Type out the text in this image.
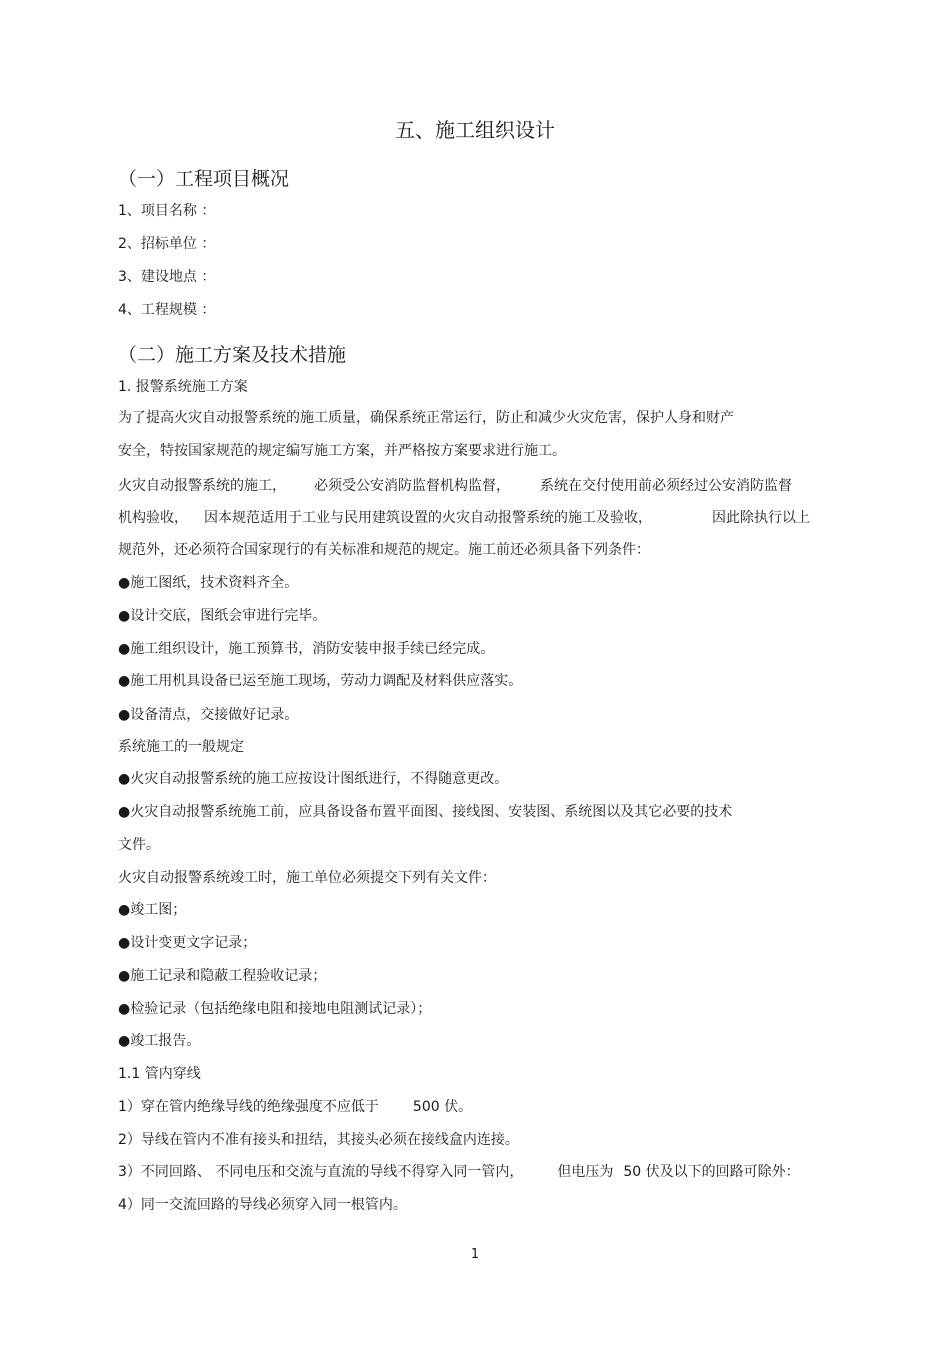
五、施工组织设计
（一）工程项目概况
1、项目名称 ：
2、招标单位 ：
3、建设地点 ：
4、工程规模 ：
（二）施工方案及技术措施
1. 报警系统施工方案
为了提高火灾自动报警系统的施工质量，确保系统正常运行，防止和减少火灾危害，保护人身和财产
安全，特按国家规范的规定编写施工方案，并严格按方案要求进行施工。
火灾自动报警系统的施工， 必须受公安消防监督机构监督， 系统在交付使用前必须经过公安消防监督
机构验收， 因本规范适用于工业与民用建筑设置的火灾自动报警系统的施工及验收，	因此除执行以上
规范外，还必须符合国家现行的有关标准和规范的规定。施工前还必须具备下列条件：
●施工图纸，技术资料齐全。
●设计交底，图纸会审进行完毕。
●施工组织设计，施工预算书，消防安装申报手续已经完成。
●施工用机具设备已运至施工现场，劳动力调配及材料供应落实。
●设备清点，交接做好记录。
系统施工的一般规定
●火灾自动报警系统的施工应按设计图纸进行，不得随意更改。
●火灾自动报警系统施工前，应具备设备布置平面图、接线图、安装图、系统图以及其它必要的技术
文件。
火灾自动报警系统竣工时，施工单位必须提交下列有关文件：
●竣工图；
●设计变更文字记录；
●施工记录和隐蔽工程验收记录；
●检验记录（包括绝缘电阻和接地电阻测试记录）；
●竣工报告。
1.1 管内穿线
1）穿在管内绝缘导线的绝缘强度不应低于 500 伏。
2）导线在管内不准有接头和扭结，其接头必须在接线盒内连接。
3）不同回路、 不同电压和交流与直流的导线不得穿入同一管内， 但电压为 50 伏及以下的回路可除外：
4）同一交流回路的导线必须穿入同一根管内。
1
